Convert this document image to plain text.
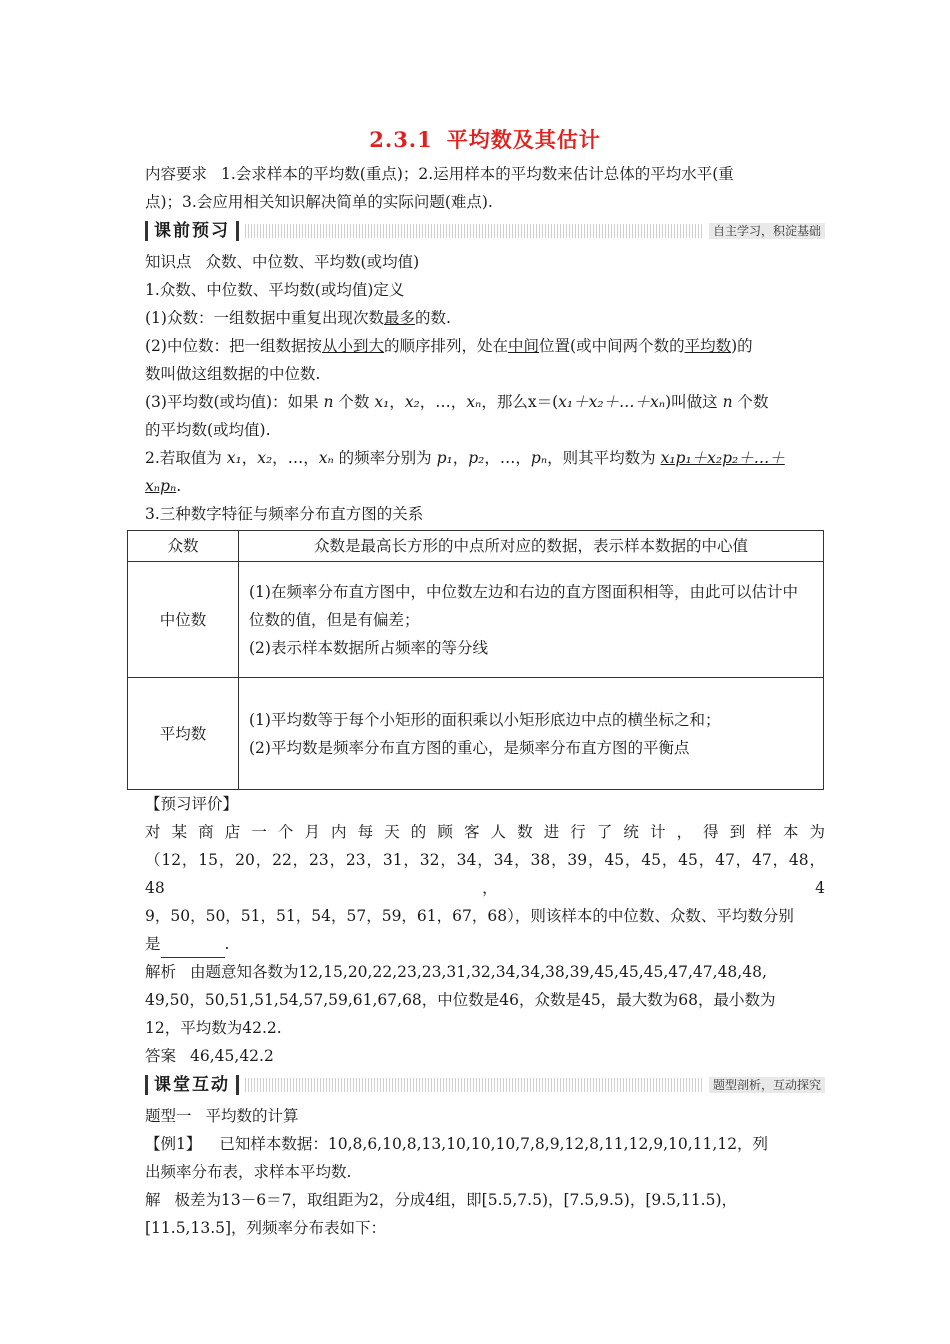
2.3.1 平均数及其估计

内容要求 1.会求样本的平均数(重点)；2.运用样本的平均数来估计总体的平均水平(重

点)；3.会应用相关知识解决简单的实际问题(难点).

课前预习	自主学习，积淀基础

知识点 众数、中位数、平均数(或均值)

1.众数、中位数、平均数(或均值)定义

(1)众数：一组数据中重复出现次数最多的数.

(2)中位数：把一组数据按从小到大的顺序排列，处在中间位置(或中间两个数的平均数)的

数叫做这组数据的中位数.

(3)平均数(或均值)：如果 n 个数 x₁，x₂，…，xₙ，那么x＝(x₁＋x₂＋…＋xₙ)叫做这 n 个数

的平均数(或均值).

2.若取值为 x₁，x₂，…，xₙ 的频率分别为 p₁，p₂，…，pₙ，则其平均数为 x₁p₁＋x₂p₂＋…＋

xₙpₙ.

3.三种数字特征与频率分布直方图的关系

众数	众数是最高长方形的中点所对应的数据，表示样本数据的中心值
中位数	(1)在频率分布直方图中，中位数左边和右边的直方图面积相等，由此可以估计中位数的值，但是有偏差；
(2)表示样本数据所占频率的等分线

平均数	(1)平均数等于每个小矩形的面积乘以小矩形底边中点的横坐标之和；
(2)平均数是频率分布直方图的重心，是频率分布直方图的平衡点

【预习评价】

对某商店一个月内每天的顾客人数进行了统计，得到样本为

（12，15，20，22，23，23，31，32，34，34，38，39，45，45，45，47，47，48，48，4

9，50，50，51，51，54，57，59，61，67，68），则该样本的中位数、众数、平均数分别

是	.

解析 由题意知各数为12,15,20,22,23,23,31,32,34,34,38,39,45,45,45,47,47,48,48,

49,50，50,51,51,54,57,59,61,67,68，中位数是46，众数是45，最大数为68，最小数为

12，平均数为42.2.

答案 46,45,42.2

课堂互动	题型剖析，互动探究

题型一 平均数的计算

【例1】 已知样本数据：10,8,6,10,8,13,10,10,10,7,8,9,12,8,11,12,9,10,11,12，列

出频率分布表，求样本平均数.

解 极差为13－6＝7，取组距为2，分成4组，即[5.5,7.5)，[7.5,9.5)，[9.5,11.5)，

[11.5,13.5]，列频率分布表如下：
